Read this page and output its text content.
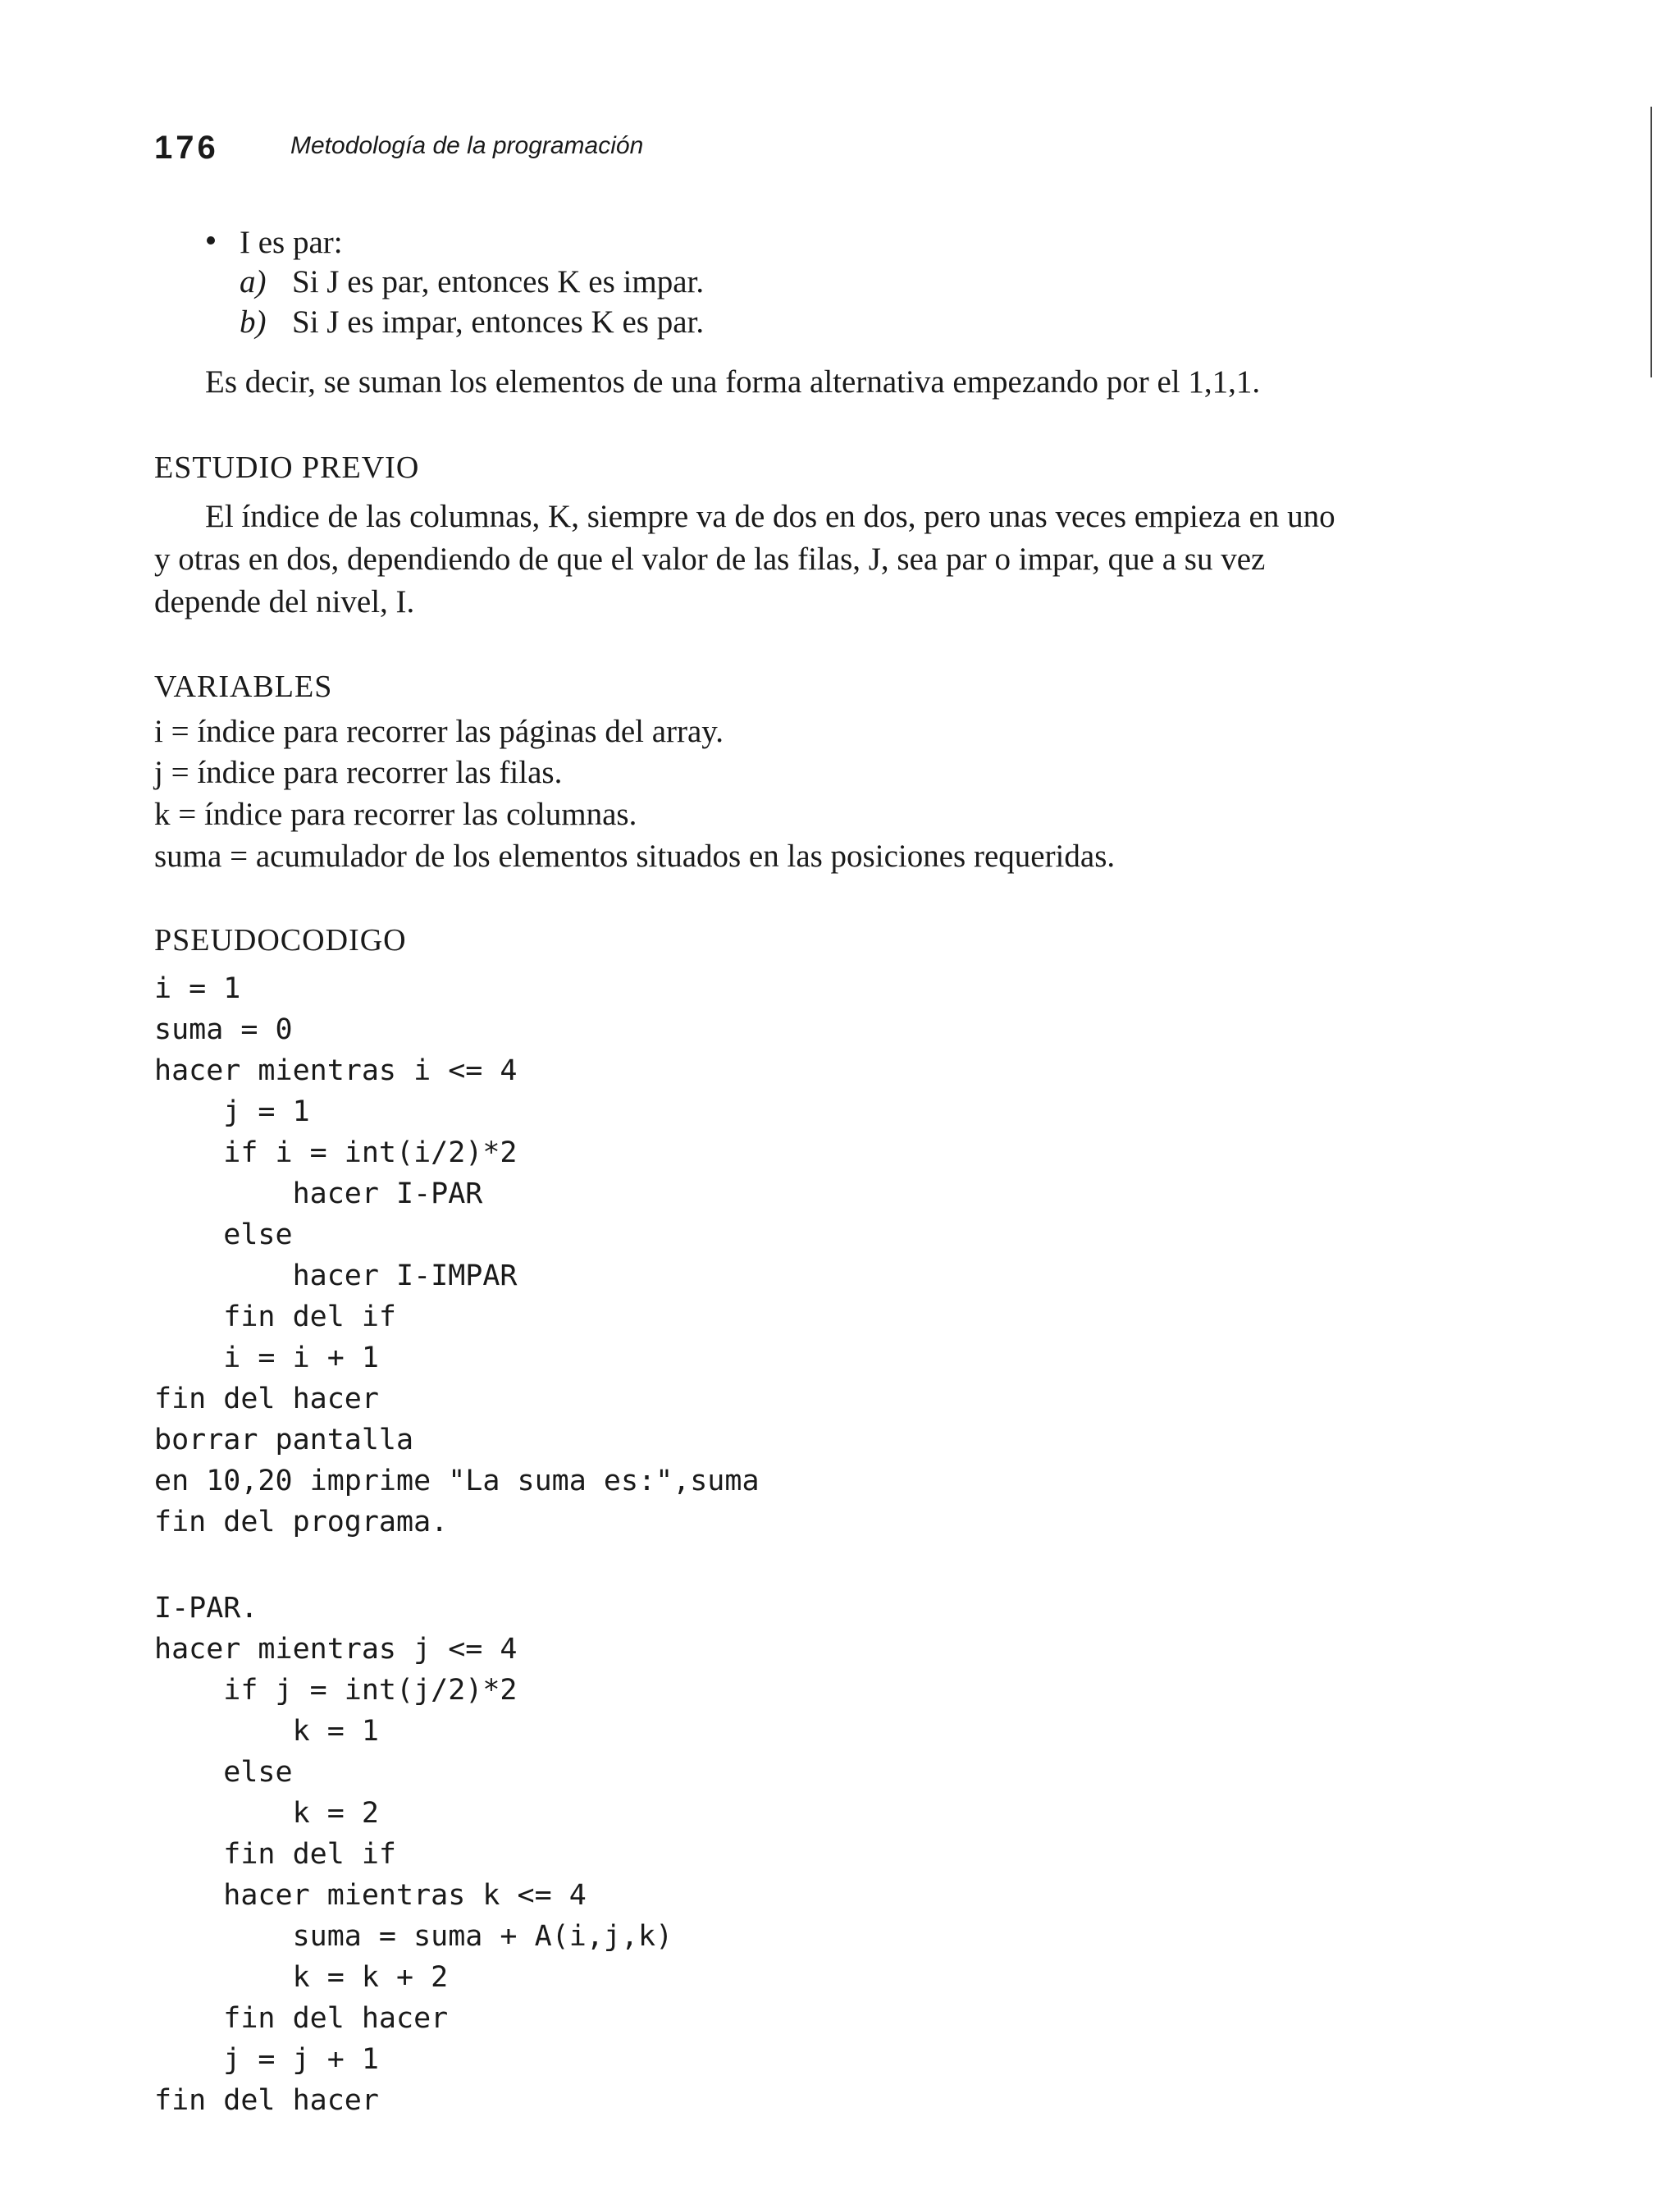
176	Metodología de la programación
I es par:
a) Si J es par, entonces K es impar.
b) Si J es impar, entonces K es par.
Es decir, se suman los elementos de una forma alternativa empezando por el 1,1,1.
ESTUDIO PREVIO
El índice de las columnas, K, siempre va de dos en dos, pero unas veces empieza en uno
y otras en dos, dependiendo de que el valor de las filas, J, sea par o impar, que a su vez
depende del nivel, I.
VARIABLES
i = índice para recorrer las páginas del array.
j = índice para recorrer las filas.
k = índice para recorrer las columnas.
suma = acumulador de los elementos situados en las posiciones requeridas.
PSEUDOCODIGO
i = 1
suma = 0
hacer mientras i <= 4
j = 1
if i = int(i/2)*2
hacer I-PAR
else
hacer I-IMPAR
fin del if
i = i + 1
fin del hacer
borrar pantalla
en 10,20 imprime "La suma es:",suma
fin del programa.
I-PAR.
hacer mientras j <= 4
if j = int(j/2)*2
k = 1
else
k = 2
fin del if
hacer mientras k <= 4
suma = suma + A(i,j,k)
k = k + 2
fin del hacer
j = j + 1
fin del hacer
